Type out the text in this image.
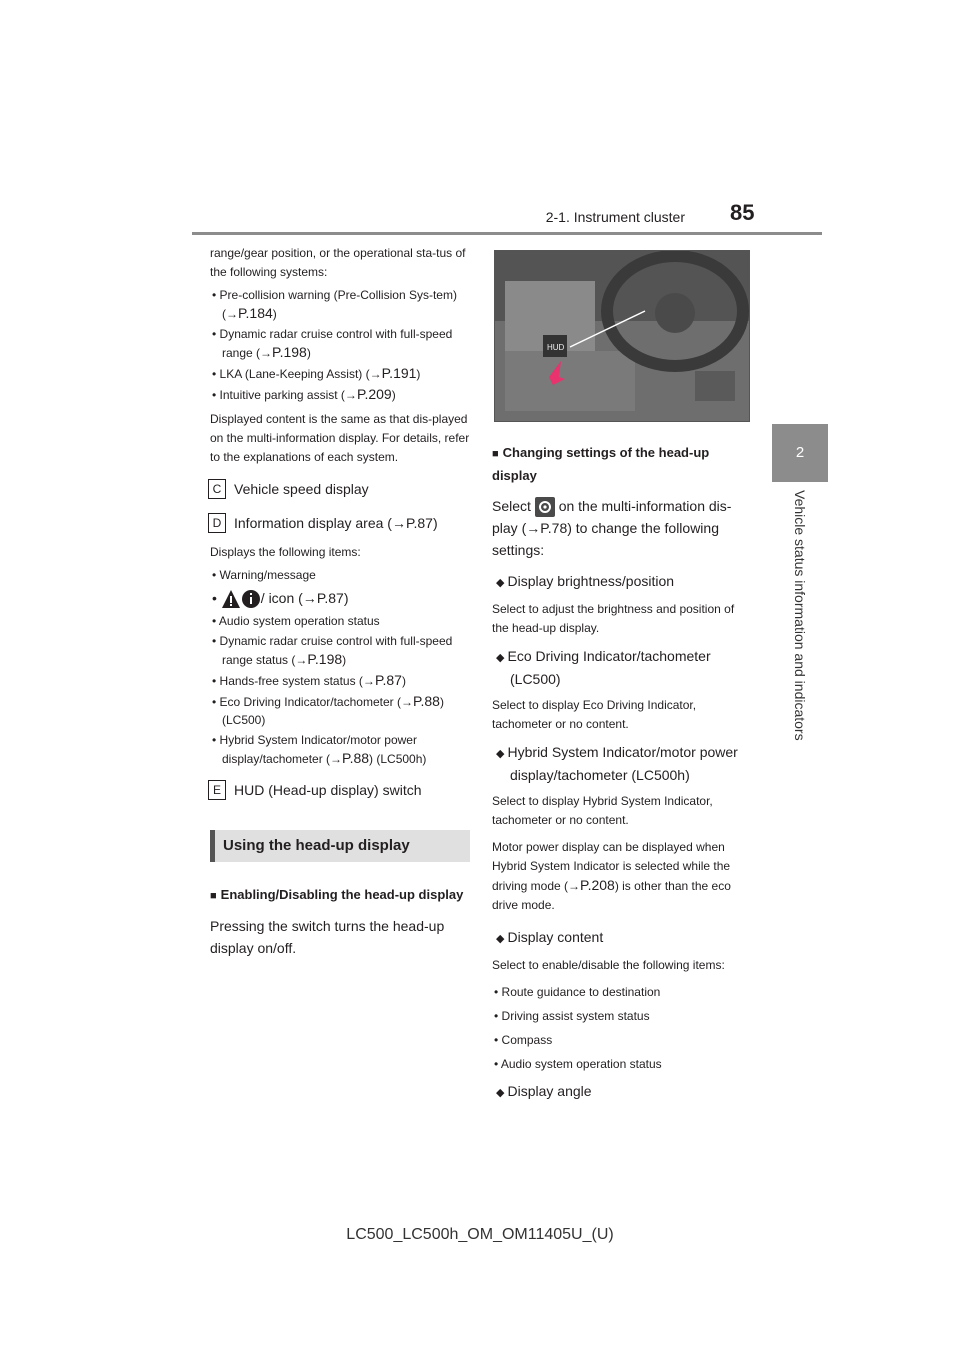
2-1. Instrument cluster 85
2
Vehicle status information and indicators

range/gear position, or the operational sta-tus of the following systems:

• Pre-collision warning (Pre-Collision Sys-tem) (→P.184)

• Dynamic radar cruise control with full-speed range (→P.198)

• LKA (Lane-Keeping Assist) (→P.191)

• Intuitive parking assist (→P.209)

Displayed content is the same as that dis-played on the multi-information display. For details, refer to the explanations of each system.

C Vehicle speed display
D Information display area (→P.87)

Displays the following items:

• Warning/message

• / icon (→P.87)

• Audio system operation status

• Dynamic radar cruise control with full-speed range status (→P.198)

• Hands-free system status (→P.87)

• Eco Driving Indicator/tachometer (→P.88) (LC500)

• Hybrid System Indicator/motor power display/tachometer (→P.88) (LC500h)

E HUD (Head-up display) switch
Using the head-up display
■ Enabling/Disabling the head-up display

Pressing the switch turns the head-up display on/off.

HUD
■ Changing settings of the head-up display

Select on the multi-information dis-play (→P.78) to change the following settings:

◆ Display brightness/position

Select to adjust the brightness and position of the head-up display.

◆ Eco Driving Indicator/tachometer (LC500)

Select to display Eco Driving Indicator, tachometer or no content.

◆ Hybrid System Indicator/motor power display/tachometer (LC500h)

Select to display Hybrid System Indicator, tachometer or no content.

Motor power display can be displayed when Hybrid System Indicator is selected while the driving mode (→P.208) is other than the eco drive mode.

◆ Display content

Select to enable/disable the following items:

• Route guidance to destination

• Driving assist system status

• Compass

• Audio system operation status

◆ Display angle
LC500_LC500h_OM_OM11405U_(U)
